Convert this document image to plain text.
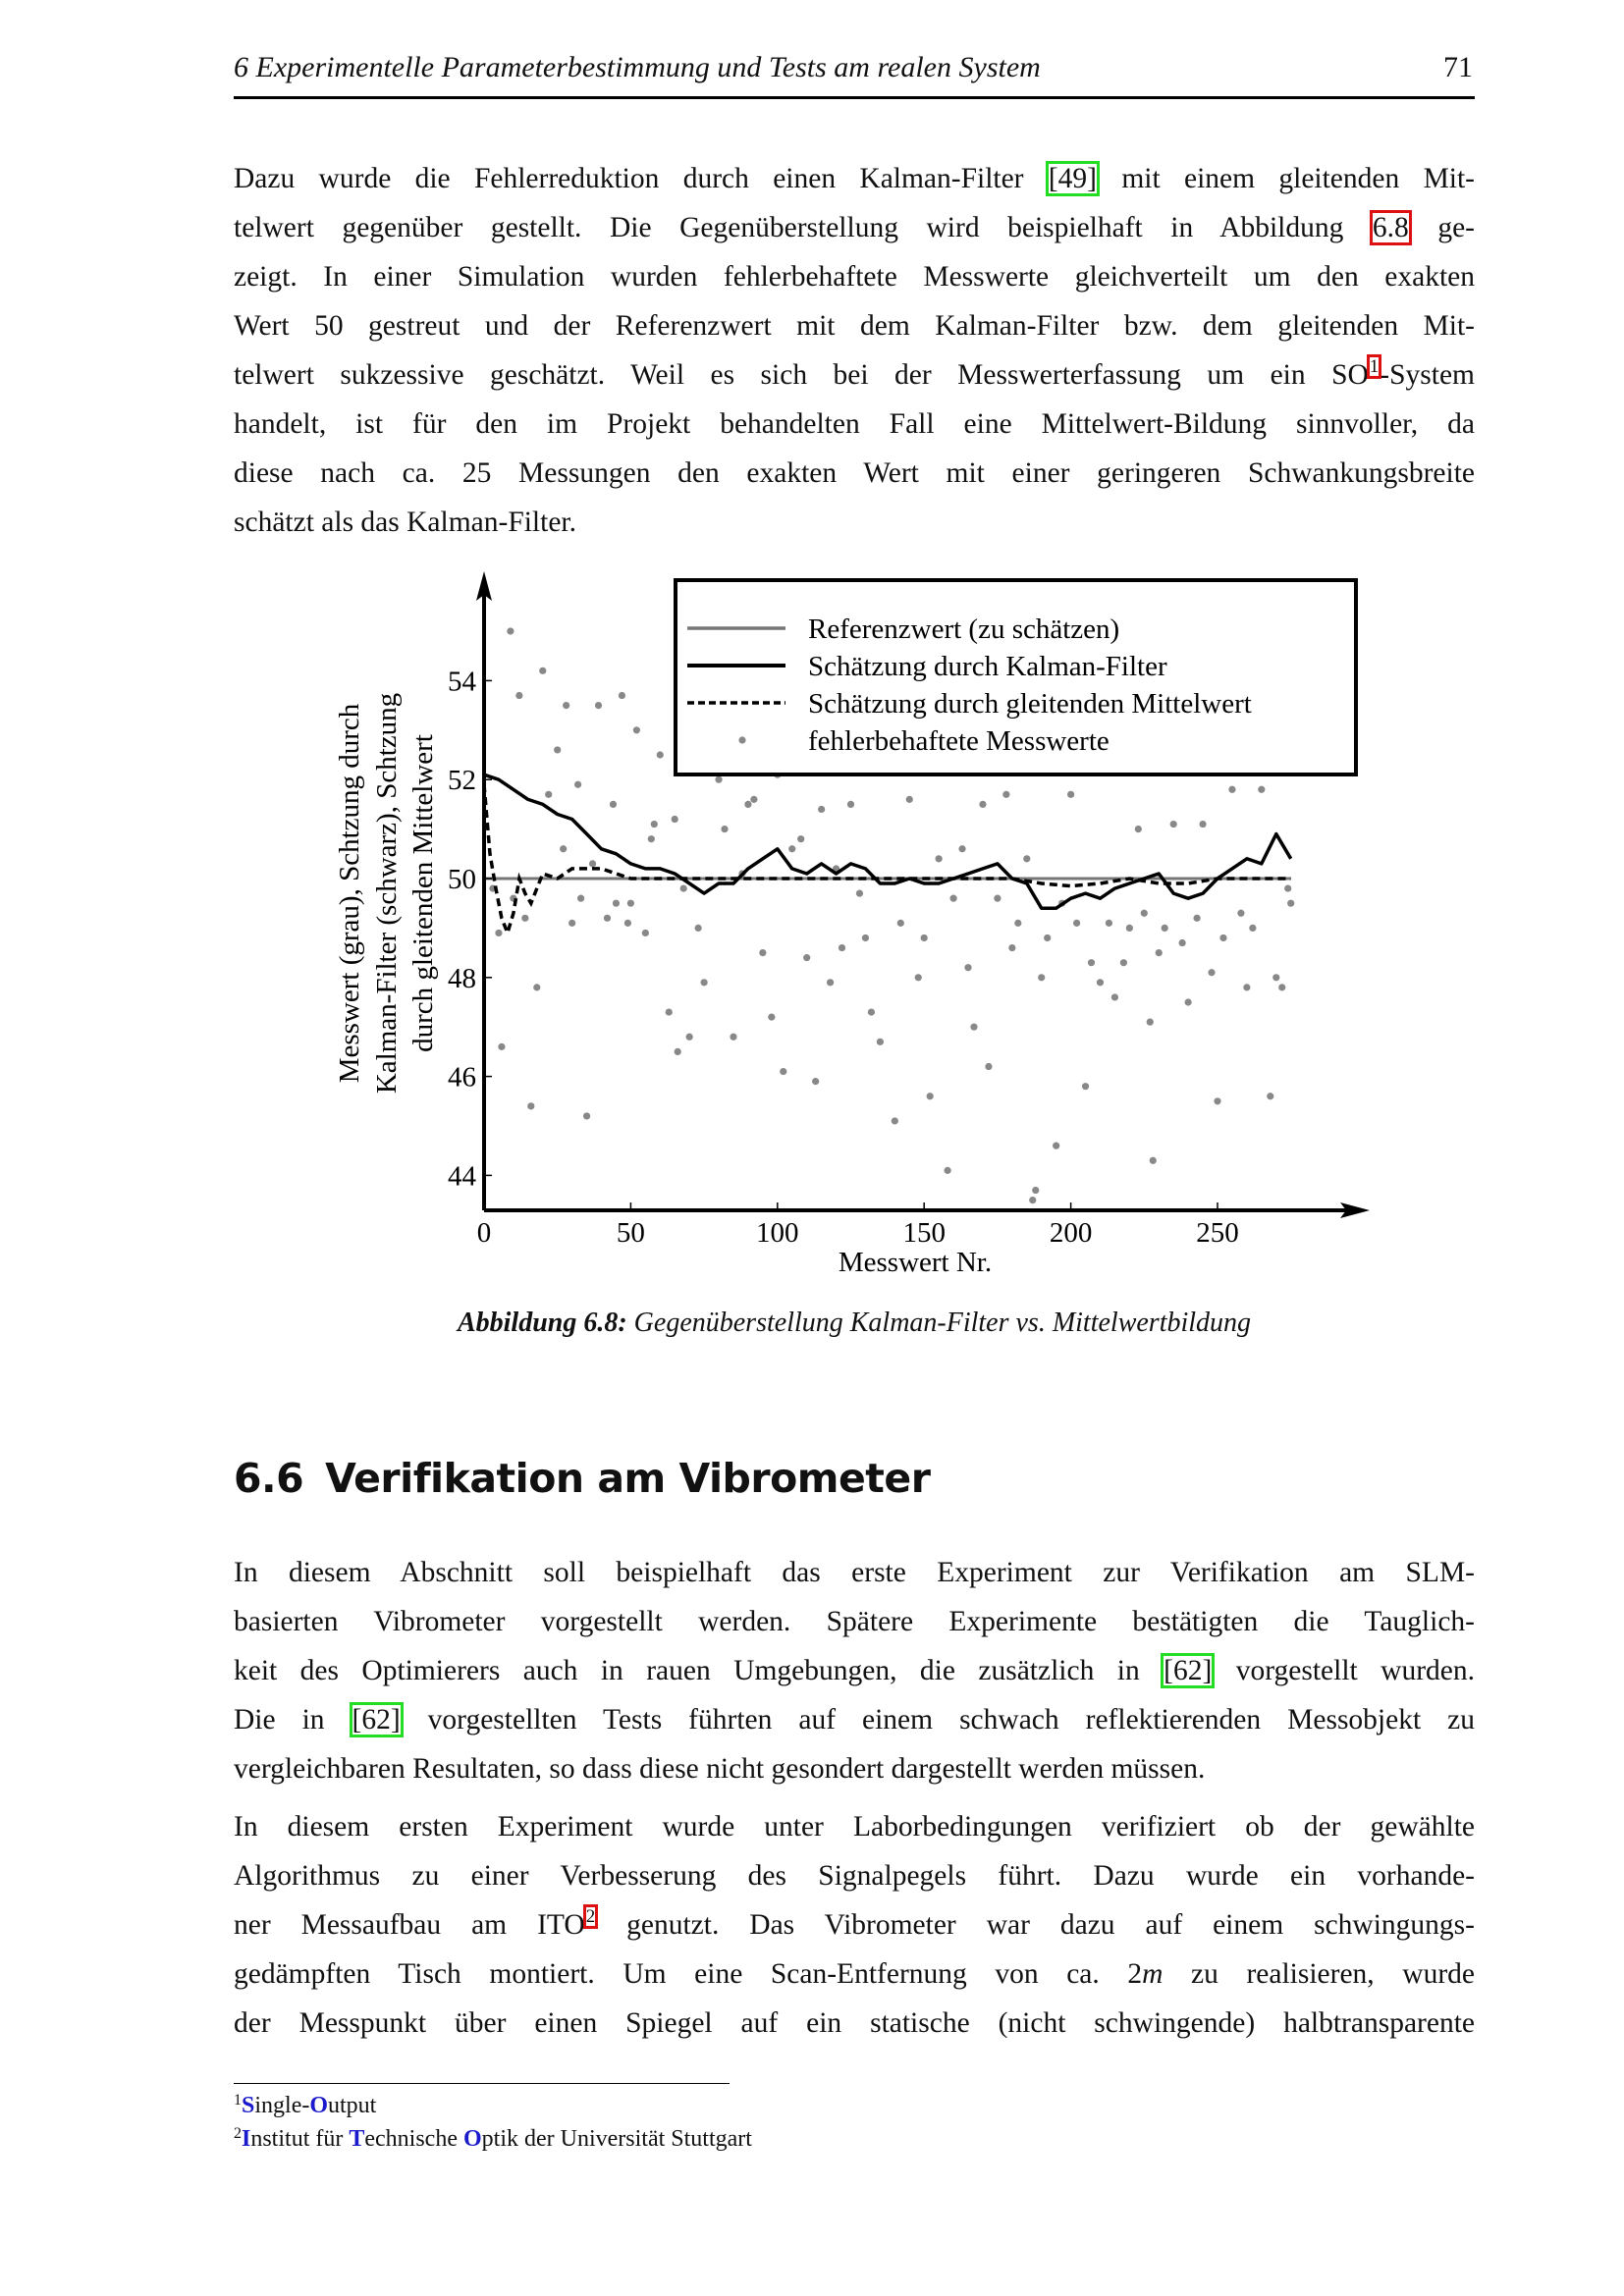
6 Experimentelle Parameterbestimmung und Tests am realen System	71
Dazu wurde die Fehlerreduktion durch einen Kalman-Filter [49] mit einem gleitenden Mit-
telwert gegenüber gestellt. Die Gegenüberstellung wird beispielhaft in Abbildung 6.8 ge-
zeigt. In einer Simulation wurden fehlerbehaftete Messwerte gleichverteilt um den exakten
Wert 50 gestreut und der Referenzwert mit dem Kalman-Filter bzw. dem gleitenden Mit-
telwert sukzessive geschätzt. Weil es sich bei der Messwerterfassung um ein SO$^1$-System
handelt, ist für den im Projekt behandelten Fall eine Mittelwert-Bildung sinnvoller, da
diese nach ca. 25 Messungen den exakten Wert mit einer geringeren Schwankungsbreite
schätzt als das Kalman-Filter.
Messwert (grau), Schtzung durch Kalman-Filter (schwarz), Schtzung durch gleitenden Mittelwert
44
46
48
50
52
54
0	50	100	150	200	250
Messwert Nr.
Referenzwert (zu schätzen)
Schätzung durch Kalman-Filter
Schätzung durch gleitenden Mittelwert
fehlerbehaftete Messwerte
Abbildung 6.8: Gegenüberstellung Kalman-Filter vs. Mittelwertbildung
6.6 Verifikation am Vibrometer
In diesem Abschnitt soll beispielhaft das erste Experiment zur Verifikation am SLM-
basierten Vibrometer vorgestellt werden. Spätere Experimente bestätigten die Tauglich-
keit des Optimierers auch in rauen Umgebungen, die zusätzlich in [62] vorgestellt wurden.
Die in [62] vorgestellten Tests führten auf einem schwach reflektierenden Messobjekt zu
vergleichbaren Resultaten, so dass diese nicht gesondert dargestellt werden müssen.
In diesem ersten Experiment wurde unter Laborbedingungen verifiziert ob der gewählte
Algorithmus zu einer Verbesserung des Signalpegels führt. Dazu wurde ein vorhande-
ner Messaufbau am ITO$^2$ genutzt. Das Vibrometer war dazu auf einem schwingungs-
gedämpften Tisch montiert. Um eine Scan-Entfernung von ca. 2m zu realisieren, wurde
der Messpunkt über einen Spiegel auf ein statische (nicht schwingende) halbtransparente
$^1$Single-Output
$^2$Institut für Technische Optik der Universität Stuttgart
